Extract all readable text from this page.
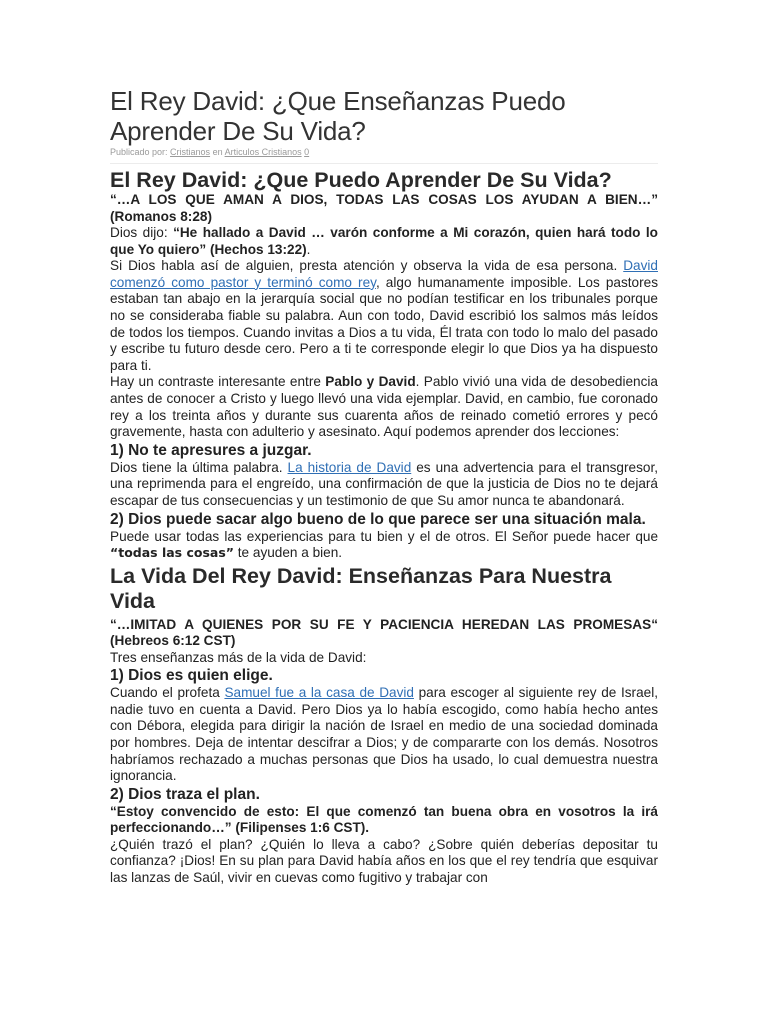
El Rey David: ¿Que Enseñanzas Puedo Aprender De Su Vida?
Publicado por: Cristianos en Articulos Cristianos 0
El Rey David: ¿Que Puedo Aprender De Su Vida?
“…A LOS QUE AMAN A DIOS, TODAS LAS COSAS LOS AYUDAN A BIEN…” (Romanos 8:28)

Dios dijo: “He hallado a David … varón conforme a Mi corazón, quien hará todo lo que Yo quiero” (Hechos 13:22).

Si Dios habla así de alguien, presta atención y observa la vida de esa persona. David comenzó como pastor y terminó como rey, algo humanamente imposible. Los pastores estaban tan abajo en la jerarquía social que no podían testificar en los tribunales porque no se consideraba fiable su palabra. Aun con todo, David escribió los salmos más leídos de todos los tiempos. Cuando invitas a Dios a tu vida, Él trata con todo lo malo del pasado y escribe tu futuro desde cero. Pero a ti te corresponde elegir lo que Dios ya ha dispuesto para ti.

Hay un contraste interesante entre Pablo y David. Pablo vivió una vida de desobediencia antes de conocer a Cristo y luego llevó una vida ejemplar. David, en cambio, fue coronado rey a los treinta años y durante sus cuarenta años de reinado cometió errores y pecó gravemente, hasta con adulterio y asesinato. Aquí podemos aprender dos lecciones:

1) No te apresures a juzgar.

Dios tiene la última palabra. La historia de David es una advertencia para el transgresor, una reprimenda para el engreído, una confirmación de que la justicia de Dios no te dejará escapar de tus consecuencias y un testimonio de que Su amor nunca te abandonará.

2) Dios puede sacar algo bueno de lo que parece ser una situación mala.

Puede usar todas las experiencias para tu bien y el de otros. El Señor puede hacer que “todas las cosas” te ayuden a bien.

La Vida Del Rey David: Enseñanzas Para Nuestra Vida
“…IMITAD A QUIENES POR SU FE Y PACIENCIA HEREDAN LAS PROMESAS“ (Hebreos 6:12 CST)

Tres enseñanzas más de la vida de David:

1) Dios es quien elige.

Cuando el profeta Samuel fue a la casa de David para escoger al siguiente rey de Israel, nadie tuvo en cuenta a David. Pero Dios ya lo había escogido, como había hecho antes con Débora, elegida para dirigir la nación de Israel en medio de una sociedad dominada por hombres. Deja de intentar descifrar a Dios; y de compararte con los demás. Nosotros habríamos rechazado a muchas personas que Dios ha usado, lo cual demuestra nuestra ignorancia.

2) Dios traza el plan.
“Estoy convencido de esto: El que comenzó tan buena obra en vosotros la irá perfeccionando…” (Filipenses 1:6 CST).

¿Quién trazó el plan? ¿Quién lo lleva a cabo? ¿Sobre quién deberías depositar tu confianza? ¡Dios! En su plan para David había años en los que el rey tendría que esquivar las lanzas de Saúl, vivir en cuevas como fugitivo y trabajar con
